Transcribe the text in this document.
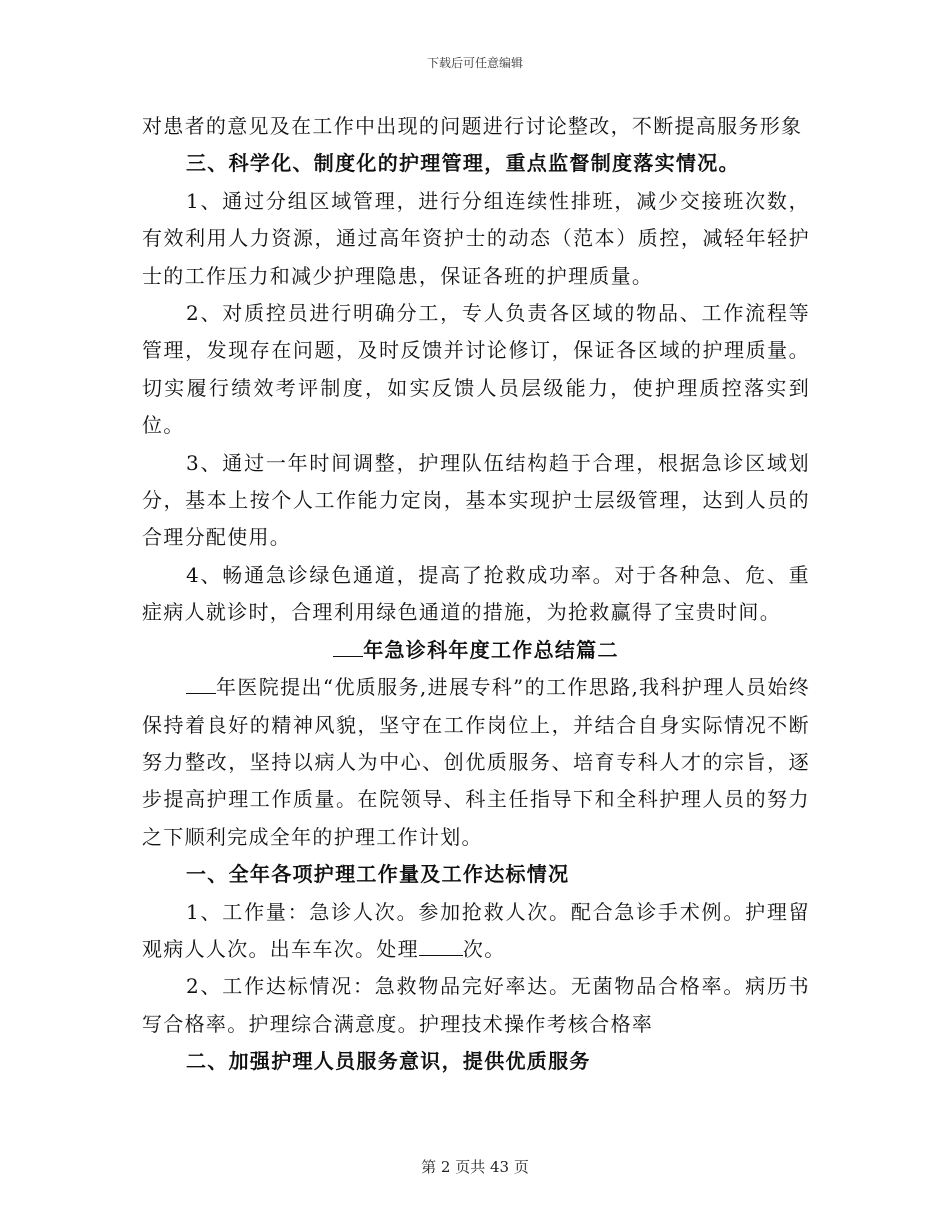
下载后可任意编辑

对患者的意见及在工作中出现的问题进行讨论整改，不断提高服务形象

三、科学化、制度化的护理管理，重点监督制度落实情况。

1、通过分组区域管理，进行分组连续性排班，减少交接班次数，有效利用人力资源，通过高年资护士的动态（范本）质控，减轻年轻护士的工作压力和减少护理隐患，保证各班的护理质量。

2、对质控员进行明确分工，专人负责各区域的物品、工作流程等管理，发现存在问题，及时反馈并讨论修订，保证各区域的护理质量。切实履行绩效考评制度，如实反馈人员层级能力，使护理质控落实到位。

3、通过一年时间调整，护理队伍结构趋于合理，根据急诊区域划分，基本上按个人工作能力定岗，基本实现护士层级管理，达到人员的合理分配使用。

4、畅通急诊绿色通道，提高了抢救成功率。对于各种急、危、重症病人就诊时，合理利用绿色通道的措施，为抢救赢得了宝贵时间。

年急诊科年度工作总结篇二

年医院提出“优质服务,进展专科”的工作思路,我科护理人员始终保持着良好的精神风貌，坚守在工作岗位上，并结合自身实际情况不断努力整改，坚持以病人为中心、创优质服务、培育专科人才的宗旨，逐步提高护理工作质量。在院领导、科主任指导下和全科护理人员的努力之下顺利完成全年的护理工作计划。

一、全年各项护理工作量及工作达标情况

1、工作量：急诊人次。参加抢救人次。配合急诊手术例。护理留观病人人次。出车车次。处理 次。

2、工作达标情况：急救物品完好率达。无菌物品合格率。病历书写合格率。护理综合满意度。护理技术操作考核合格率

二、加强护理人员服务意识，提供优质服务

第 2 页共 43 页
